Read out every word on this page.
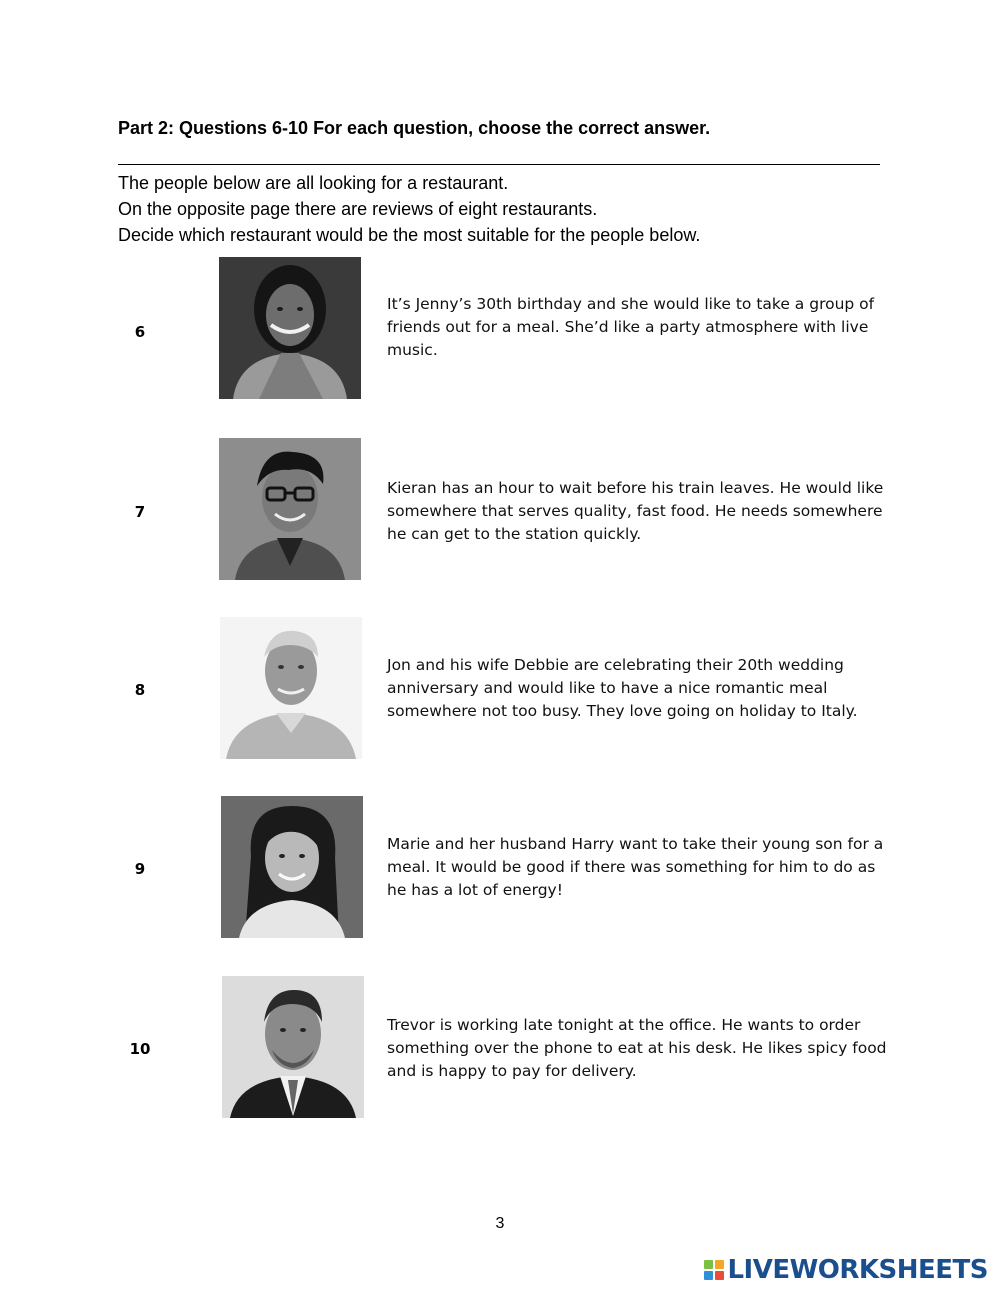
Part 2: Questions 6-10 For each question, choose the correct answer.
The people below are all looking for a restaurant.
On the opposite page there are reviews of eight restaurants.
Decide which restaurant would be the most suitable for the people below.
6
It’s Jenny’s 30th birthday and she would like to take a group of friends out for a meal. She’d like a party atmosphere with live music.
7
Kieran has an hour to wait before his train leaves. He would like somewhere that serves quality, fast food. He needs somewhere he can get to the station quickly.
8
Jon and his wife Debbie are celebrating their 20th wedding anniversary and would like to have a nice romantic meal somewhere not too busy. They love going on holiday to Italy.
9
Marie and her husband Harry want to take their young son for a meal. It would be good if there was something for him to do as he has a lot of energy!
10
Trevor is working late tonight at the office. He wants to order something over the phone to eat at his desk. He likes spicy food and is happy to pay for delivery.
3
LIVEWORKSHEETS
